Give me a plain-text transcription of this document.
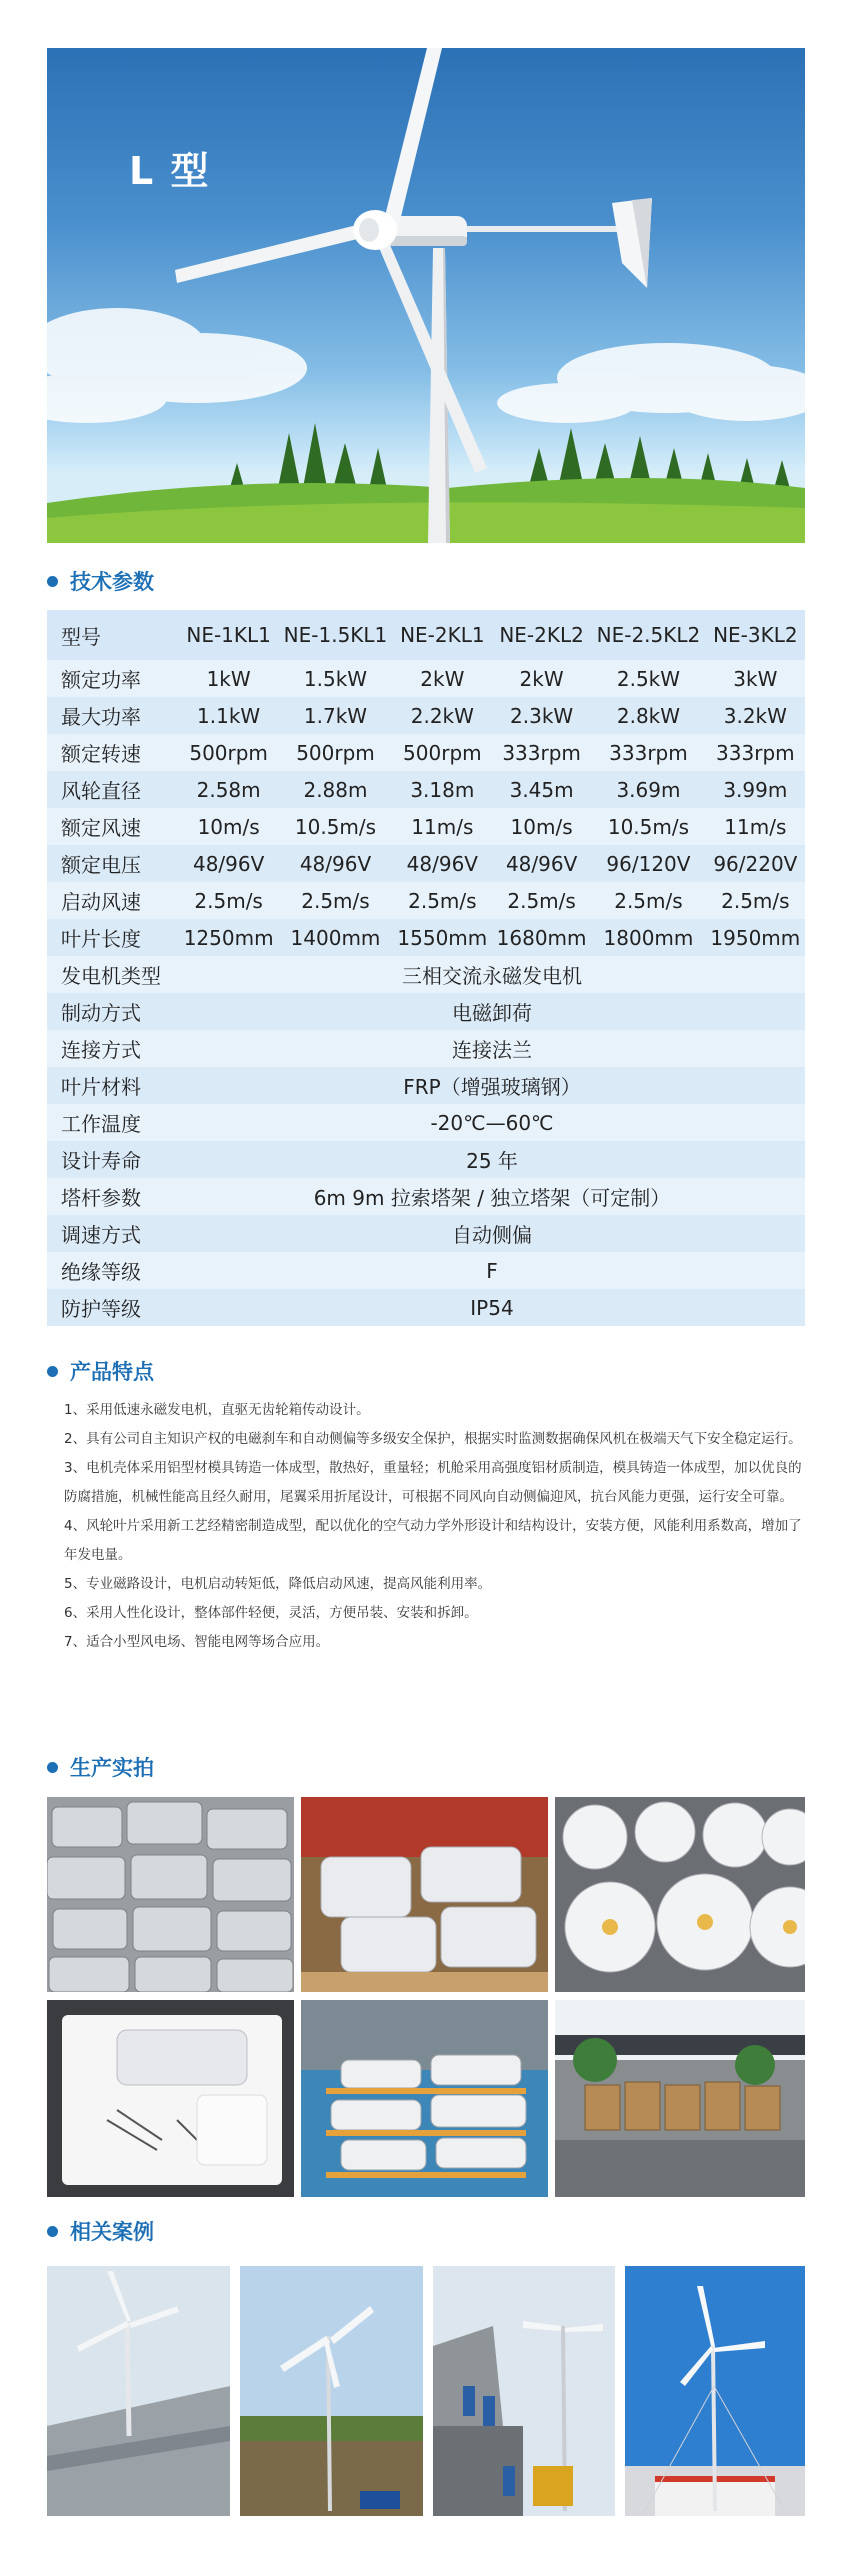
L 型
技术参数
型号	NE-1KL1	NE-1.5KL1	NE-2KL1	NE-2KL2	NE-2.5KL2	NE-3KL2
额定功率	1kW	1.5kW	2kW	2kW	2.5kW	3kW
最大功率	1.1kW	1.7kW	2.2kW	2.3kW	2.8kW	3.2kW
额定转速	500rpm	500rpm	500rpm	333rpm	333rpm	333rpm
风轮直径	2.58m	2.88m	3.18m	3.45m	3.69m	3.99m
额定风速	10m/s	10.5m/s	11m/s	10m/s	10.5m/s	11m/s
额定电压	48/96V	48/96V	48/96V	48/96V	96/120V	96/220V
启动风速	2.5m/s	2.5m/s	2.5m/s	2.5m/s	2.5m/s	2.5m/s
叶片长度	1250mm	1400mm	1550mm	1680mm	1800mm	1950mm
发电机类型	三相交流永磁发电机					
制动方式	电磁卸荷					
连接方式	连接法兰					
叶片材料	FRP（增强玻璃钢）					
工作温度	-20℃—60℃					
设计寿命	25 年					
塔杆参数	6m 9m 拉索塔架 / 独立塔架（可定制）					
调速方式	自动侧偏					
绝缘等级	F					
防护等级	IP54					
产品特点

1、采用低速永磁发电机，直驱无齿轮箱传动设计。

2、具有公司自主知识产权的电磁刹车和自动侧偏等多级安全保护，根据实时监测数据确保风机在极端天气下安全稳定运行。

3、电机壳体采用铝型材模具铸造一体成型，散热好，重量轻；机舱采用高强度铝材质制造，模具铸造一体成型，加以优良的防腐措施，机械性能高且经久耐用，尾翼采用折尾设计，可根据不同风向自动侧偏迎风，抗台风能力更强，运行安全可靠。

4、风轮叶片采用新工艺经精密制造成型，配以优化的空气动力学外形设计和结构设计，安装方便，风能利用系数高，增加了年发电量。

5、专业磁路设计，电机启动转矩低，降低启动风速，提高风能利用率。

6、采用人性化设计，整体部件轻便，灵活，方便吊装、安装和拆卸。

7、适合小型风电场、智能电网等场合应用。

生产实拍
相关案例
